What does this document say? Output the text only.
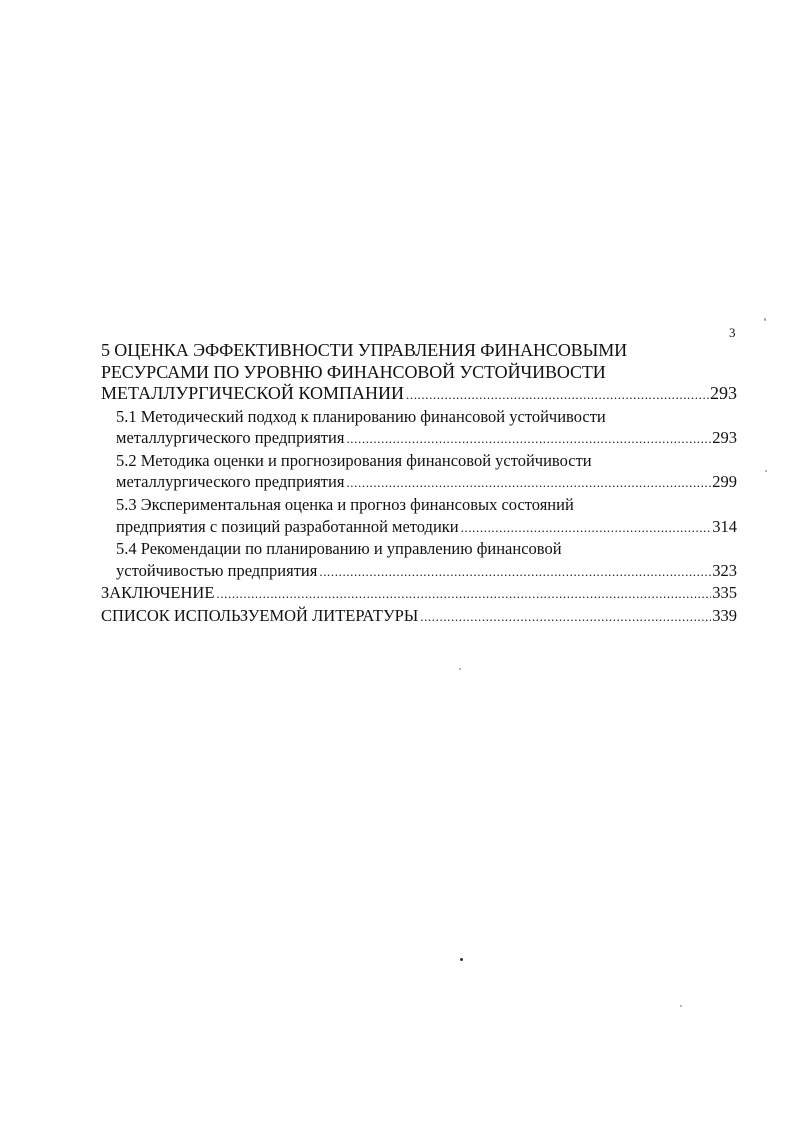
3
5 ОЦЕНКА ЭФФЕКТИВНОСТИ УПРАВЛЕНИЯ ФИНАНСОВЫМИ
РЕСУРСАМИ ПО УРОВНЮ ФИНАНСОВОЙ УСТОЙЧИВОСТИ
МЕТАЛЛУРГИЧЕСКОЙ КОМПАНИИ .....	293
5.1 Методический подход к планированию финансовой устойчивости
металлургического предприятия .....	293
5.2 Методика оценки и прогнозирования финансовой устойчивости
металлургического предприятия .....	299
5.3 Экспериментальная оценка и прогноз финансовых состояний
предприятия с позиций разработанной методики .....	314
5.4 Рекомендации по планированию и управлению финансовой
устойчивостью предприятия .....	323
ЗАКЛЮЧЕНИЕ .....	335
СПИСОК ИСПОЛЬЗУЕМОЙ ЛИТЕРАТУРЫ .....	339
